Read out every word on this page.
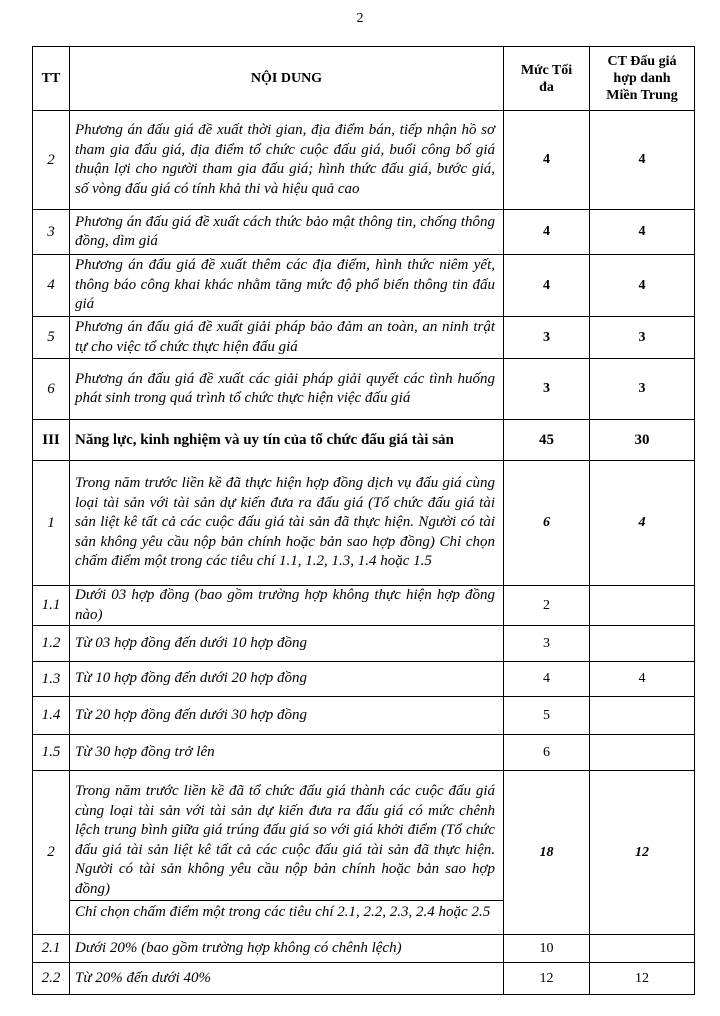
2
TT	NỘI DUNG	Mức Tối đa	CT Đấu giá hợp danh Miền Trung
2	Phương án đấu giá đề xuất thời gian, địa điểm bán, tiếp nhận hồ sơ tham gia đấu giá, địa điểm tổ chức cuộc đấu giá, buổi công bố giá thuận lợi cho người tham gia đấu giá; hình thức đấu giá, bước giá, số vòng đấu giá có tính khả thi và hiệu quả cao	4	4
3	Phương án đấu giá đề xuất cách thức bảo mật thông tin, chống thông đồng, dìm giá	4	4
4	Phương án đấu giá đề xuất thêm các địa điểm, hình thức niêm yết, thông báo công khai khác nhằm tăng mức độ phổ biến thông tin đấu giá	4	4
5	Phương án đấu giá đề xuất giải pháp bảo đảm an toàn, an ninh trật tự cho việc tổ chức thực hiện đấu giá	3	3
6	Phương án đấu giá đề xuất các giải pháp giải quyết các tình huống phát sinh trong quá trình tổ chức thực hiện việc đấu giá	3	3
III	Năng lực, kinh nghiệm và uy tín của tổ chức đấu giá tài sản	45	30
1	Trong năm trước liền kề đã thực hiện hợp đồng dịch vụ đấu giá cùng loại tài sản với tài sản dự kiến đưa ra đấu giá (Tổ chức đấu giá tài sản liệt kê tất cả các cuộc đấu giá tài sản đã thực hiện. Người có tài sản không yêu cầu nộp bản chính hoặc bản sao hợp đồng) Chỉ chọn chấm điểm một trong các tiêu chí 1.1, 1.2, 1.3, 1.4 hoặc 1.5	6	4
1.1	Dưới 03 hợp đồng (bao gồm trường hợp không thực hiện hợp đồng nào)	2	
1.2	Từ 03 hợp đồng đến dưới 10 hợp đồng	3	
1.3	Từ 10 hợp đồng đến dưới 20 hợp đồng	4	4
1.4	Từ 20 hợp đồng đến dưới 30 hợp đồng	5	
1.5	Từ 30 hợp đồng trở lên	6	
2	Trong năm trước liền kề đã tổ chức đấu giá thành các cuộc đấu giá cùng loại tài sản với tài sản dự kiến đưa ra đấu giá có mức chênh lệch trung bình giữa giá trúng đấu giá so với giá khởi điểm (Tổ chức đấu giá tài sản liệt kê tất cả các cuộc đấu giá tài sản đã thực hiện. Người có tài sản không yêu cầu nộp bản chính hoặc bản sao hợp đồng)
Chỉ chọn chấm điểm một trong các tiêu chí 2.1, 2.2, 2.3, 2.4 hoặc 2.5	18	12
2.1	Dưới 20% (bao gồm trường hợp không có chênh lệch)	10	
2.2	Từ 20% đến dưới 40%	12	12
